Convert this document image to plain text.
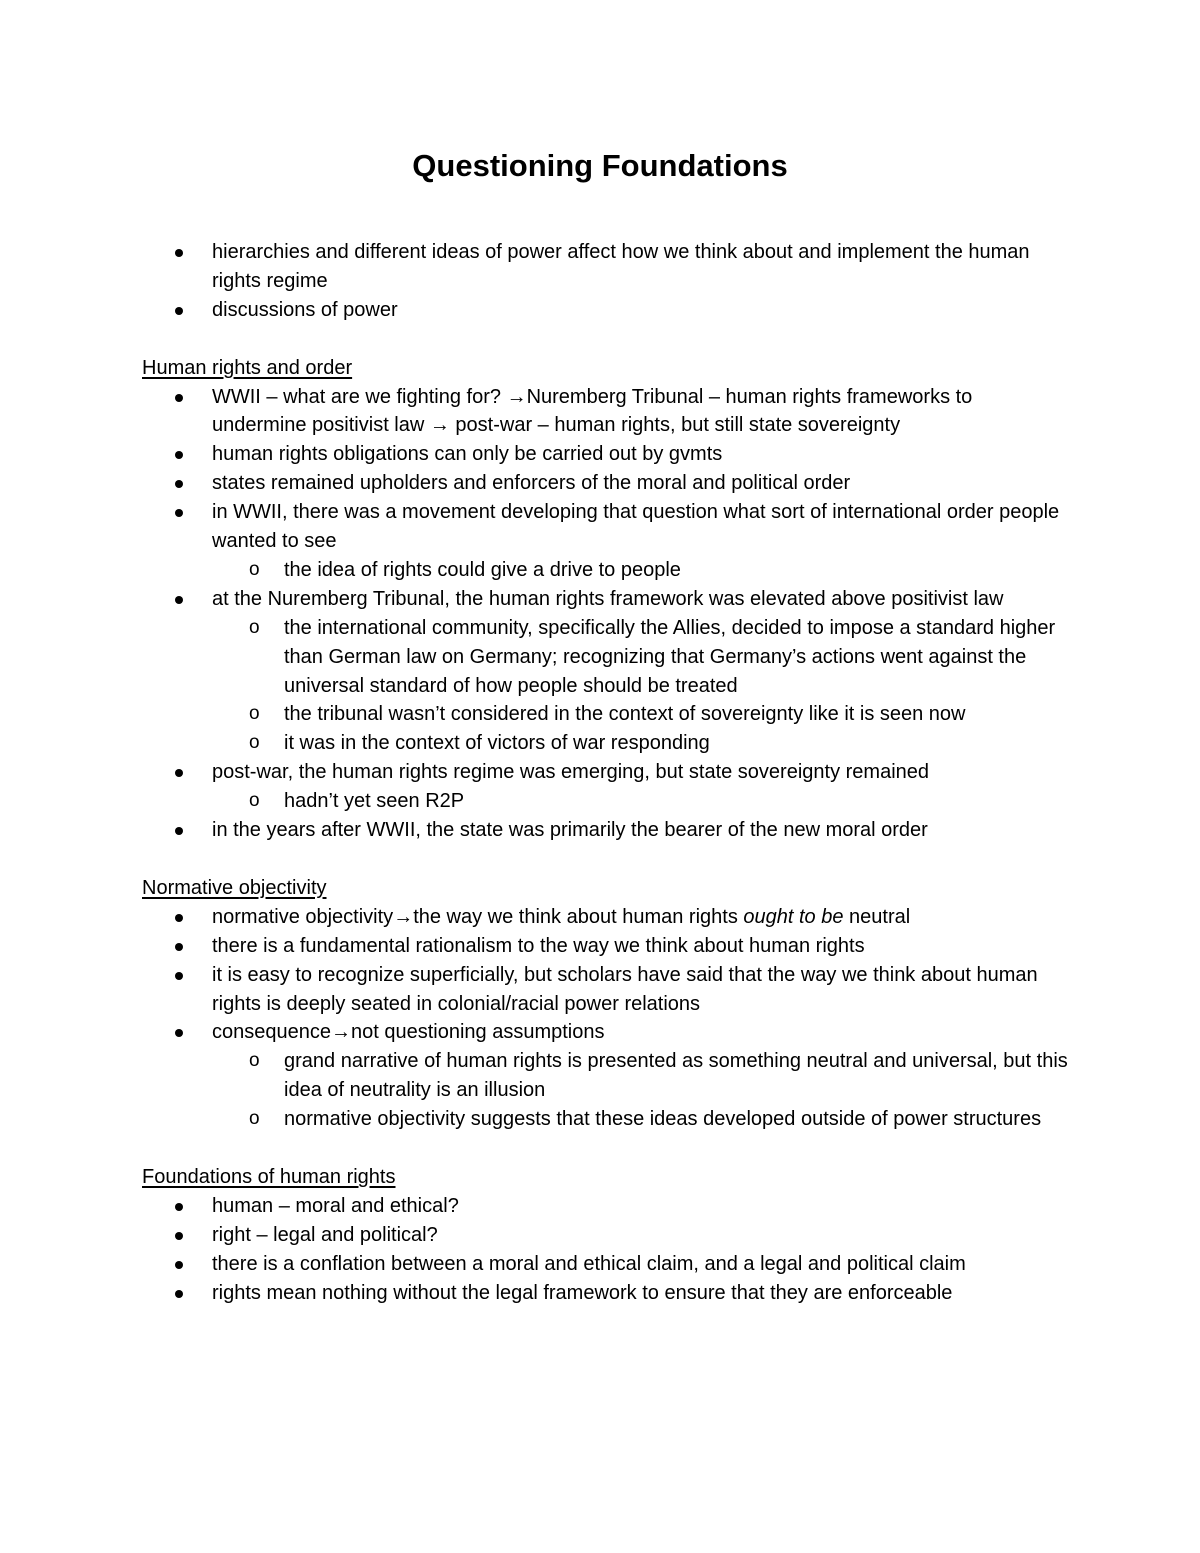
Questioning Foundations
hierarchies and different ideas of power affect how we think about and implement the human rights regime
discussions of power
Human rights and order
WWII – what are we fighting for? →Nuremberg Tribunal – human rights frameworks to undermine positivist law → post-war – human rights, but still state sovereignty
human rights obligations can only be carried out by gvmts
states remained upholders and enforcers of the moral and political order
in WWII, there was a movement developing that question what sort of international order people wanted to see
o the idea of rights could give a drive to people
at the Nuremberg Tribunal, the human rights framework was elevated above positivist law
o the international community, specifically the Allies, decided to impose a standard higher than German law on Germany; recognizing that Germany’s actions went against the universal standard of how people should be treated
o the tribunal wasn’t considered in the context of sovereignty like it is seen now
o it was in the context of victors of war responding
post-war, the human rights regime was emerging, but state sovereignty remained
o hadn’t yet seen R2P
in the years after WWII, the state was primarily the bearer of the new moral order
Normative objectivity
normative objectivity→the way we think about human rights ought to be neutral
there is a fundamental rationalism to the way we think about human rights
it is easy to recognize superficially, but scholars have said that the way we think about human rights is deeply seated in colonial/racial power relations
consequence→not questioning assumptions
o grand narrative of human rights is presented as something neutral and universal, but this idea of neutrality is an illusion
o normative objectivity suggests that these ideas developed outside of power structures
Foundations of human rights
human – moral and ethical?
right – legal and political?
there is a conflation between a moral and ethical claim, and a legal and political claim
rights mean nothing without the legal framework to ensure that they are enforceable
